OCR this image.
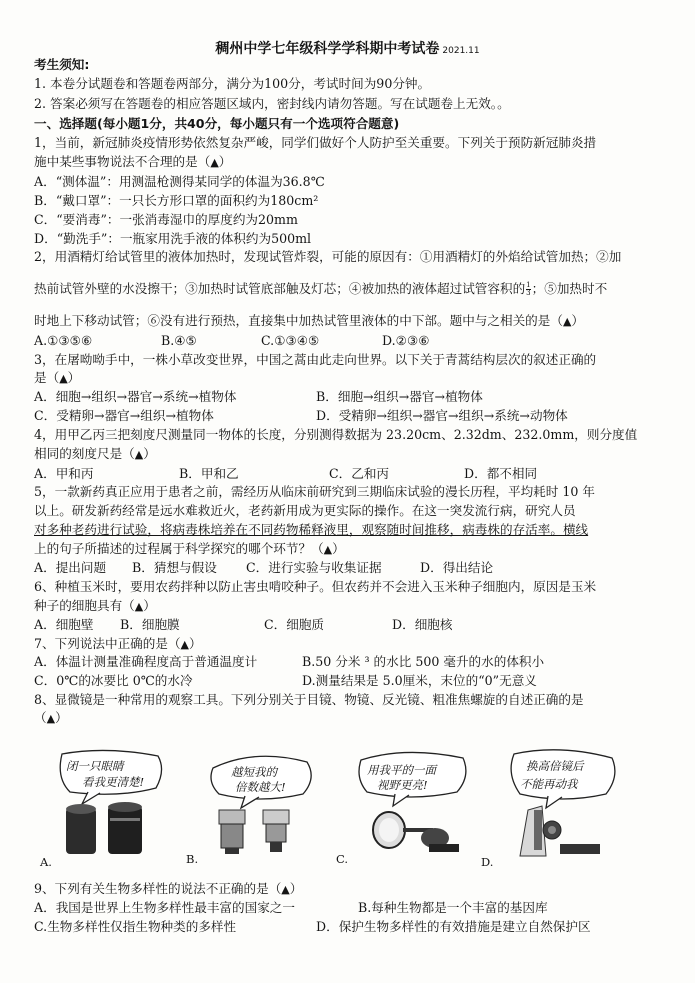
稠州中学七年级科学学科期中考试卷 2021.11
考生须知:
1. 本卷分试题卷和答题卷两部分，满分为100分，考试时间为90分钟。
2. 答案必须写在答题卷的相应答题区域内，密封线内请勿答题。写在试题卷上无效。。
一、选择题(每小题1分，共40分，每小题只有一个选项符合题意)
1，当前，新冠肺炎疫情形势依然复杂严峻，同学们做好个人防护至关重要。下列关于预防新冠肺炎措
施中某些事物说法不合理的是（▲）
A．“测体温”：用测温枪测得某同学的体温为36.8℃
B．“戴口罩”：一只长方形口罩的面积约为180cm²
C．“要消毒”：一张消毒湿巾的厚度约为20mm
D．“勤洗手”：一瓶家用洗手液的体积约为500ml
2，用酒精灯给试管里的液体加热时，发现试管炸裂，可能的原因有：①用酒精灯的外焰给试管加热；②加
热前试管外壁的水没擦干；③加热时试管底部触及灯芯；④被加热的液体超过试管容积的 $\frac{1}{3}$ ；⑤加热时不
时地上下移动试管；⑥没有进行预热，直接集中加热试管里液体的中下部。题中与之相关的是（▲）
A.①③⑤⑥	B.④⑤	C.①③④⑤	D.②③⑥
3，在屠呦呦手中，一株小草改变世界，中国之蒿由此走向世界。以下关于青蒿结构层次的叙述正确的
是（▲）
A．细胞→组织→器官→系统→植物体	B．细胞→组织→器官→植物体
C．受精卵→器官→组织→植物体	D．受精卵→组织→器官→组织→系统→动物体
4，用甲乙丙三把刻度尺测量同一物体的长度，分别测得数据为 23.20cm、2.32dm、232.0mm，则分度值
相同的刻度尺是（▲）
A．甲和丙	B．甲和乙	C．乙和丙	D．都不相同
5，一款新药真正应用于患者之前，需经历从临床前研究到三期临床试验的漫长历程，平均耗时 10 年
以上。研发新药经常是远水难救近火，老药新用成为更实际的操作。在这一突发流行病，研究人员
对多种老药进行试验，将病毒株培养在不同药物稀释液里，观察随时间推移，病毒株的存活率。横线
上的句子所描述的过程属于科学探究的哪个环节？（▲）
A．提出问题 B．猜想与假设 C．进行实验与收集证据	D．得出结论
6、种植玉米时，要用农药拌种以防止害虫啃咬种子。但农药并不会进入玉米种子细胞内，原因是玉米
种子的细胞具有（▲）
A．细胞壁 B．细胞膜	C．细胞质	D．细胞核
7、下列说法中正确的是（▲）
A．体温计测量准确程度高于普通温度计	B.50 分米 ³ 的水比 500 毫升的水的体积小
C．0℃的冰要比 0℃的水冷	D.测量结果是 5.0厘米，末位的“0”无意义
8、显微镜是一种常用的观察工具。下列分别关于目镜、物镜、反光镜、粗准焦螺旋的自述正确的是
（▲）
闭一只眼睛
看我更清楚!
A.
越短我的
倍数越大!
B.
用我平的一面
视野更亮!
C.
换高倍镜后
不能再动我
D.
9、下列有关生物多样性的说法不正确的是（▲）
A．我国是世界上生物多样性最丰富的国家之一	B.每种生物都是一个丰富的基因库
C.生物多样性仅指生物种类的多样性	D．保护生物多样性的有效措施是建立自然保护区
